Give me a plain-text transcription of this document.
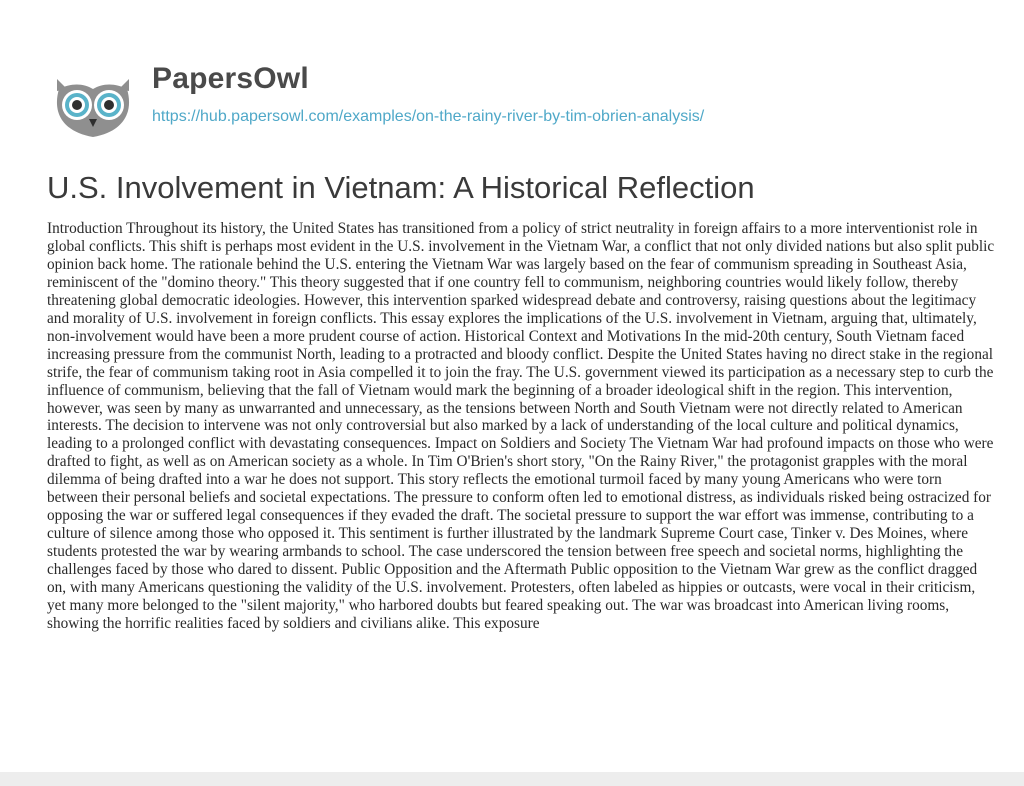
PapersOwl
https://hub.papersowl.com/examples/on-the-rainy-river-by-tim-obrien-analysis/
U.S. Involvement in Vietnam: A Historical Reflection

Introduction Throughout its history, the United States has transitioned from a policy of strict neutrality in foreign affairs to a more interventionist role in global conflicts. This shift is perhaps most evident in the U.S. involvement in the Vietnam War, a conflict that not only divided nations but also split public opinion back home. The rationale behind the U.S. entering the Vietnam War was largely based on the fear of communism spreading in Southeast Asia, reminiscent of the "domino theory." This theory suggested that if one country fell to communism, neighboring countries would likely follow, thereby threatening global democratic ideologies. However, this intervention sparked widespread debate and controversy, raising questions about the legitimacy and morality of U.S. involvement in foreign conflicts. This essay explores the implications of the U.S. involvement in Vietnam, arguing that, ultimately, non-involvement would have been a more prudent course of action. Historical Context and Motivations In the mid-20th century, South Vietnam faced increasing pressure from the communist North, leading to a protracted and bloody conflict. Despite the United States having no direct stake in the regional strife, the fear of communism taking root in Asia compelled it to join the fray. The U.S. government viewed its participation as a necessary step to curb the influence of communism, believing that the fall of Vietnam would mark the beginning of a broader ideological shift in the region. This intervention, however, was seen by many as unwarranted and unnecessary, as the tensions between North and South Vietnam were not directly related to American interests. The decision to intervene was not only controversial but also marked by a lack of understanding of the local culture and political dynamics, leading to a prolonged conflict with devastating consequences. Impact on Soldiers and Society The Vietnam War had profound impacts on those who were drafted to fight, as well as on American society as a whole. In Tim O'Brien's short story, "On the Rainy River," the protagonist grapples with the moral dilemma of being drafted into a war he does not support. This story reflects the emotional turmoil faced by many young Americans who were torn between their personal beliefs and societal expectations. The pressure to conform often led to emotional distress, as individuals risked being ostracized for opposing the war or suffered legal consequences if they evaded the draft. The societal pressure to support the war effort was immense, contributing to a culture of silence among those who opposed it. This sentiment is further illustrated by the landmark Supreme Court case, Tinker v. Des Moines, where students protested the war by wearing armbands to school. The case underscored the tension between free speech and societal norms, highlighting the challenges faced by those who dared to dissent. Public Opposition and the Aftermath Public opposition to the Vietnam War grew as the conflict dragged on, with many Americans questioning the validity of the U.S. involvement. Protesters, often labeled as hippies or outcasts, were vocal in their criticism, yet many more belonged to the "silent majority," who harbored doubts but feared speaking out. The war was broadcast into American living rooms, showing the horrific realities faced by soldiers and civilians alike. This exposure
